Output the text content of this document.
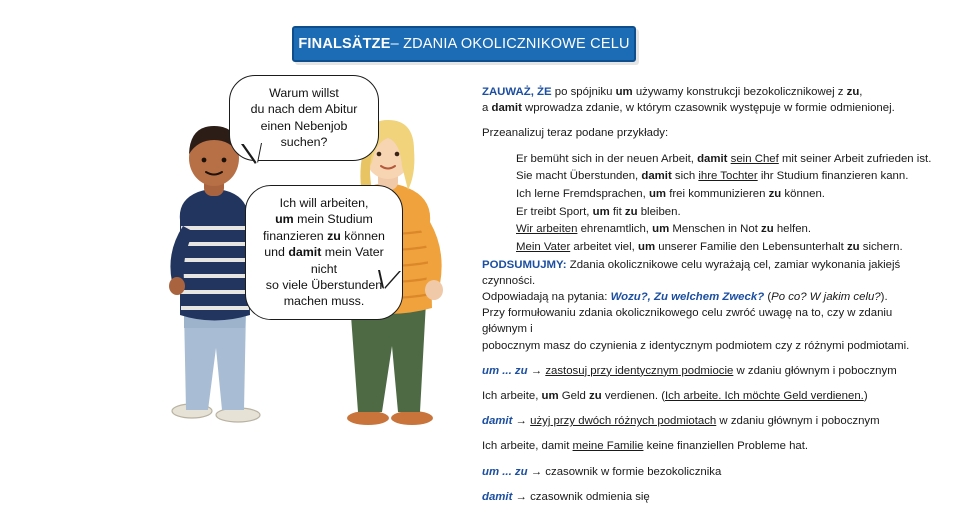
FINALSÄTZE – ZDANIA OKOLICZNIKOWE CELU
Warum willst
du nach dem Abitur
einen Nebenjob
suchen?
Ich will arbeiten,
um mein Studium
finanzieren zu können
und damit mein Vater nicht
so viele Überstunden
machen muss.

ZAUWAŻ, ŻE po spójniku um używamy konstrukcji bezokolicznikowej z zu,
a damit wprowadza zdanie, w którym czasownik występuje w formie odmienionej.

Przeanalizuj teraz podane przykłady:

Er bemüht sich in der neuen Arbeit, damit sein Chef mit seiner Arbeit zufrieden ist.
Sie macht Überstunden, damit sich ihre Tochter ihr Studium finanzieren kann.
Ich lerne Fremdsprachen, um frei kommunizieren zu können.
Er treibt Sport, um fit zu bleiben.
Wir arbeiten ehrenamtlich, um Menschen in Not zu helfen.
Mein Vater arbeitet viel, um unserer Familie den Lebensunterhalt zu sichern.

PODSUMUJMY: Zdania okolicznikowe celu wyrażają cel, zamiar wykonania jakiejś czynności.
Odpowiadają na pytania: Wozu?, Zu welchem Zweck? (Po co? W jakim celu?).
Przy formułowaniu zdania okolicznikowego celu zwróć uwagę na to, czy w zdaniu głównym i
pobocznym masz do czynienia z identycznym podmiotem czy z różnymi podmiotami.

um ... zu → zastosuj przy identycznym podmiocie w zdaniu głównym i pobocznym

Ich arbeite, um Geld zu verdienen. (Ich arbeite. Ich möchte Geld verdienen.)

damit → użyj przy dwóch różnych podmiotach w zdaniu głównym i pobocznym

Ich arbeite, damit meine Familie keine finanziellen Probleme hat.

um ... zu → czasownik w formie bezokolicznika

damit → czasownik odmienia się
